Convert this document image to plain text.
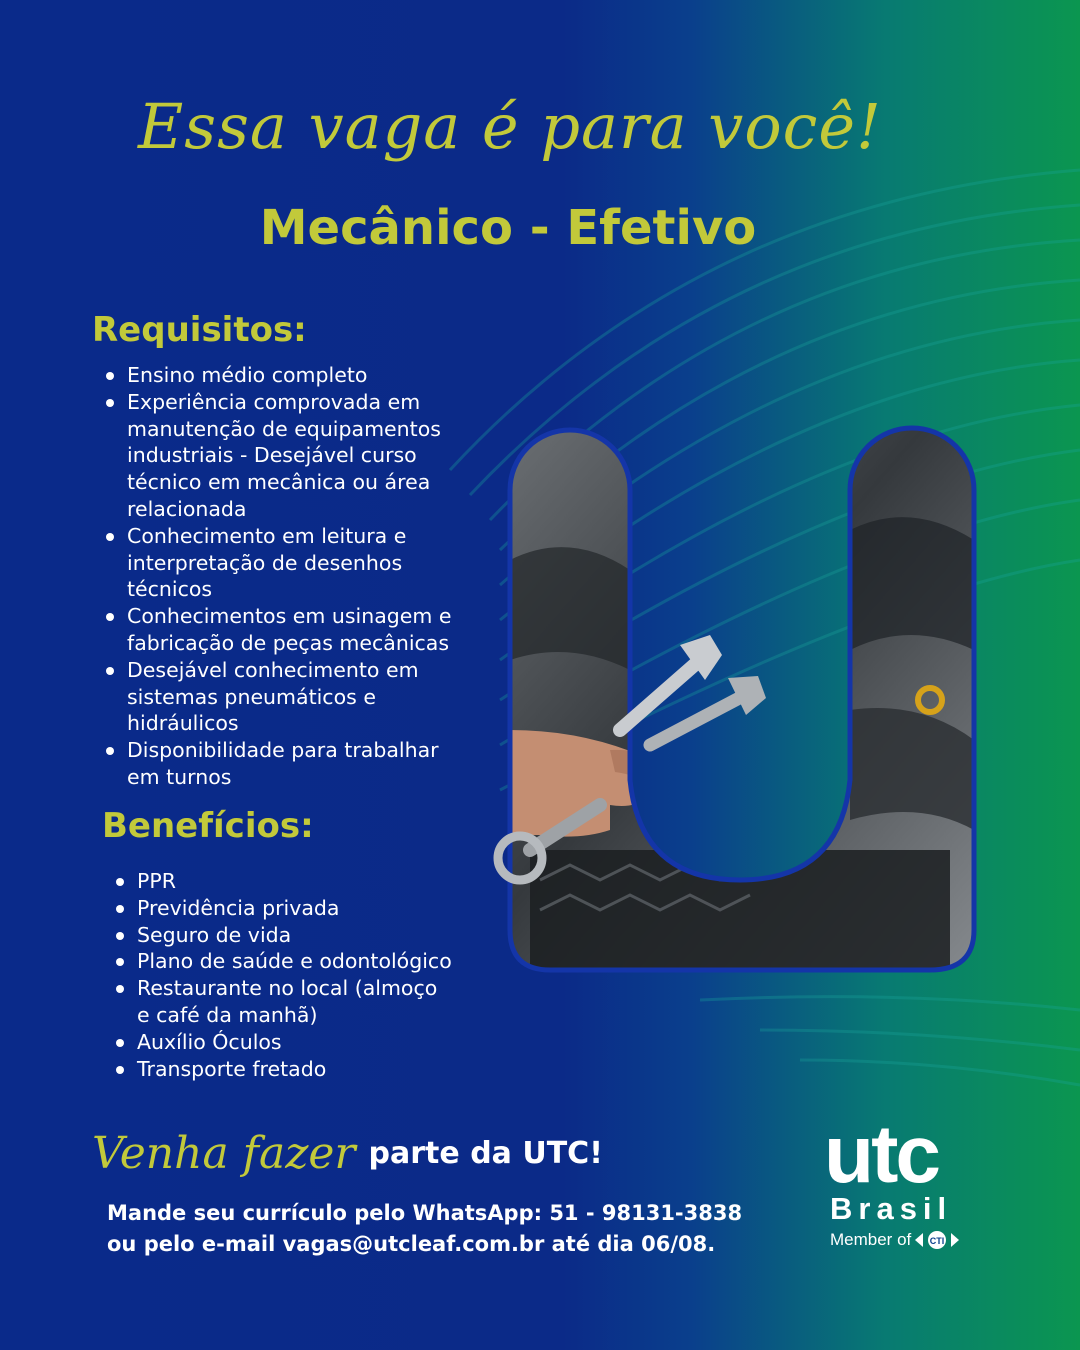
Essa vaga é para você!
Mecânico - Efetivo
Requisitos:
Ensino médio completo
Experiência comprovada em manutenção de equipamentos industriais - Desejável curso técnico em mecânica ou área relacionada
Conhecimento em leitura e interpretação de desenhos técnicos
Conhecimentos em usinagem e fabricação de peças mecânicas
Desejável conhecimento em sistemas pneumáticos e hidráulicos
Disponibilidade para trabalhar em turnos
Benefícios:
PPR
Previdência privada
Seguro de vida
Plano de saúde e odontológico
Restaurante no local (almoço e café da manhã)
Auxílio Óculos
Transporte fretado
Venha fazer parte da UTC!

Mande seu currículo pelo WhatsApp: 51 - 98131-3838

ou pelo e-mail vagas@utcleaf.com.br até dia 06/08.

utc
Brasil
Member of CTI
